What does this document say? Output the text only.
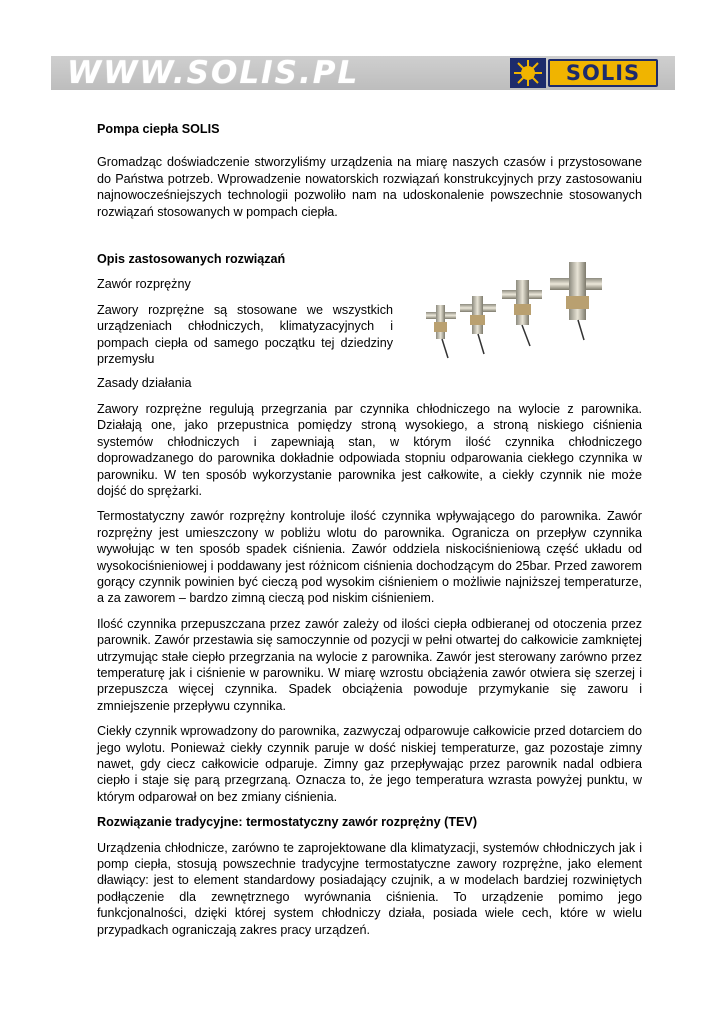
WWW.SOLIS.PL	SOLIS

Pompa ciepła SOLIS

Gromadząc doświadczenie stworzyliśmy urządzenia na miarę naszych czasów i przystosowane do Państwa potrzeb. Wprowadzenie nowatorskich rozwiązań konstrukcyjnych przy zastosowaniu najnowocześniejszych technologii pozwoliło nam na udoskonalenie powszechnie stosowanych rozwiązań stosowanych w pompach ciepła.

Opis zastosowanych rozwiązań

Zawór rozprężny

Zawory rozprężne są stosowane we wszystkich urządzeniach chłodniczych, klimatyzacyjnych i pompach ciepła od samego początku tej dziedziny przemysłu

Zasady działania

Zawory rozprężne regulują przegrzania par czynnika chłodniczego na wylocie z parownika. Działają one, jako przepustnica pomiędzy stroną wysokiego, a stroną niskiego ciśnienia systemów chłodniczych i zapewniają stan, w którym ilość czynnika chłodniczego doprowadzanego do parownika dokładnie odpowiada stopniu odparowania ciekłego czynnika w parowniku. W ten sposób wykorzystanie parownika jest całkowite, a ciekły czynnik nie może dojść do sprężarki.

Termostatyczny zawór rozprężny kontroluje ilość czynnika wpływającego do parownika. Zawór rozprężny jest umieszczony w pobliżu wlotu do parownika. Ogranicza on przepływ czynnika wywołując w ten sposób spadek ciśnienia. Zawór oddziela niskociśnieniową część układu od wysokociśnieniowej i poddawany jest różnicom ciśnienia dochodzącym do 25bar. Przed zaworem gorący czynnik powinien być cieczą pod wysokim ciśnieniem o możliwie najniższej temperaturze, a za zaworem – bardzo zimną cieczą pod niskim ciśnieniem.

Ilość czynnika przepuszczana przez zawór zależy od ilości ciepła odbieranej od otoczenia przez parownik. Zawór przestawia się samoczynnie od pozycji w pełni otwartej do całkowicie zamkniętej utrzymując stałe ciepło przegrzania na wylocie z parownika. Zawór jest sterowany zarówno przez temperaturę jak i ciśnienie w parowniku. W miarę wzrostu obciążenia zawór otwiera się szerzej i przepuszcza więcej czynnika. Spadek obciążenia powoduje przymykanie się zaworu i zmniejszenie przepływu czynnika.

Ciekły czynnik wprowadzony do parownika, zazwyczaj odparowuje całkowicie przed dotarciem do jego wylotu. Ponieważ ciekły czynnik paruje w dość niskiej temperaturze, gaz pozostaje zimny nawet, gdy ciecz całkowicie odparuje. Zimny gaz przepływając przez parownik nadal odbiera ciepło i staje się parą przegrzaną. Oznacza to, że jego temperatura wzrasta powyżej punktu, w którym odparował on bez zmiany ciśnienia.

Rozwiązanie tradycyjne: termostatyczny zawór rozprężny (TEV)

Urządzenia chłodnicze, zarówno te zaprojektowane dla klimatyzacji, systemów chłodniczych jak i pomp ciepła, stosują powszechnie tradycyjne termostatyczne zawory rozprężne, jako element dławiący: jest to element standardowy posiadający czujnik, a w modelach bardziej rozwiniętych podłączenie dla zewnętrznego wyrównania ciśnienia. To urządzenie pomimo jego funkcjonalności, dzięki której system chłodniczy działa, posiada wiele cech, które w wielu przypadkach ograniczają zakres pracy urządzeń.
